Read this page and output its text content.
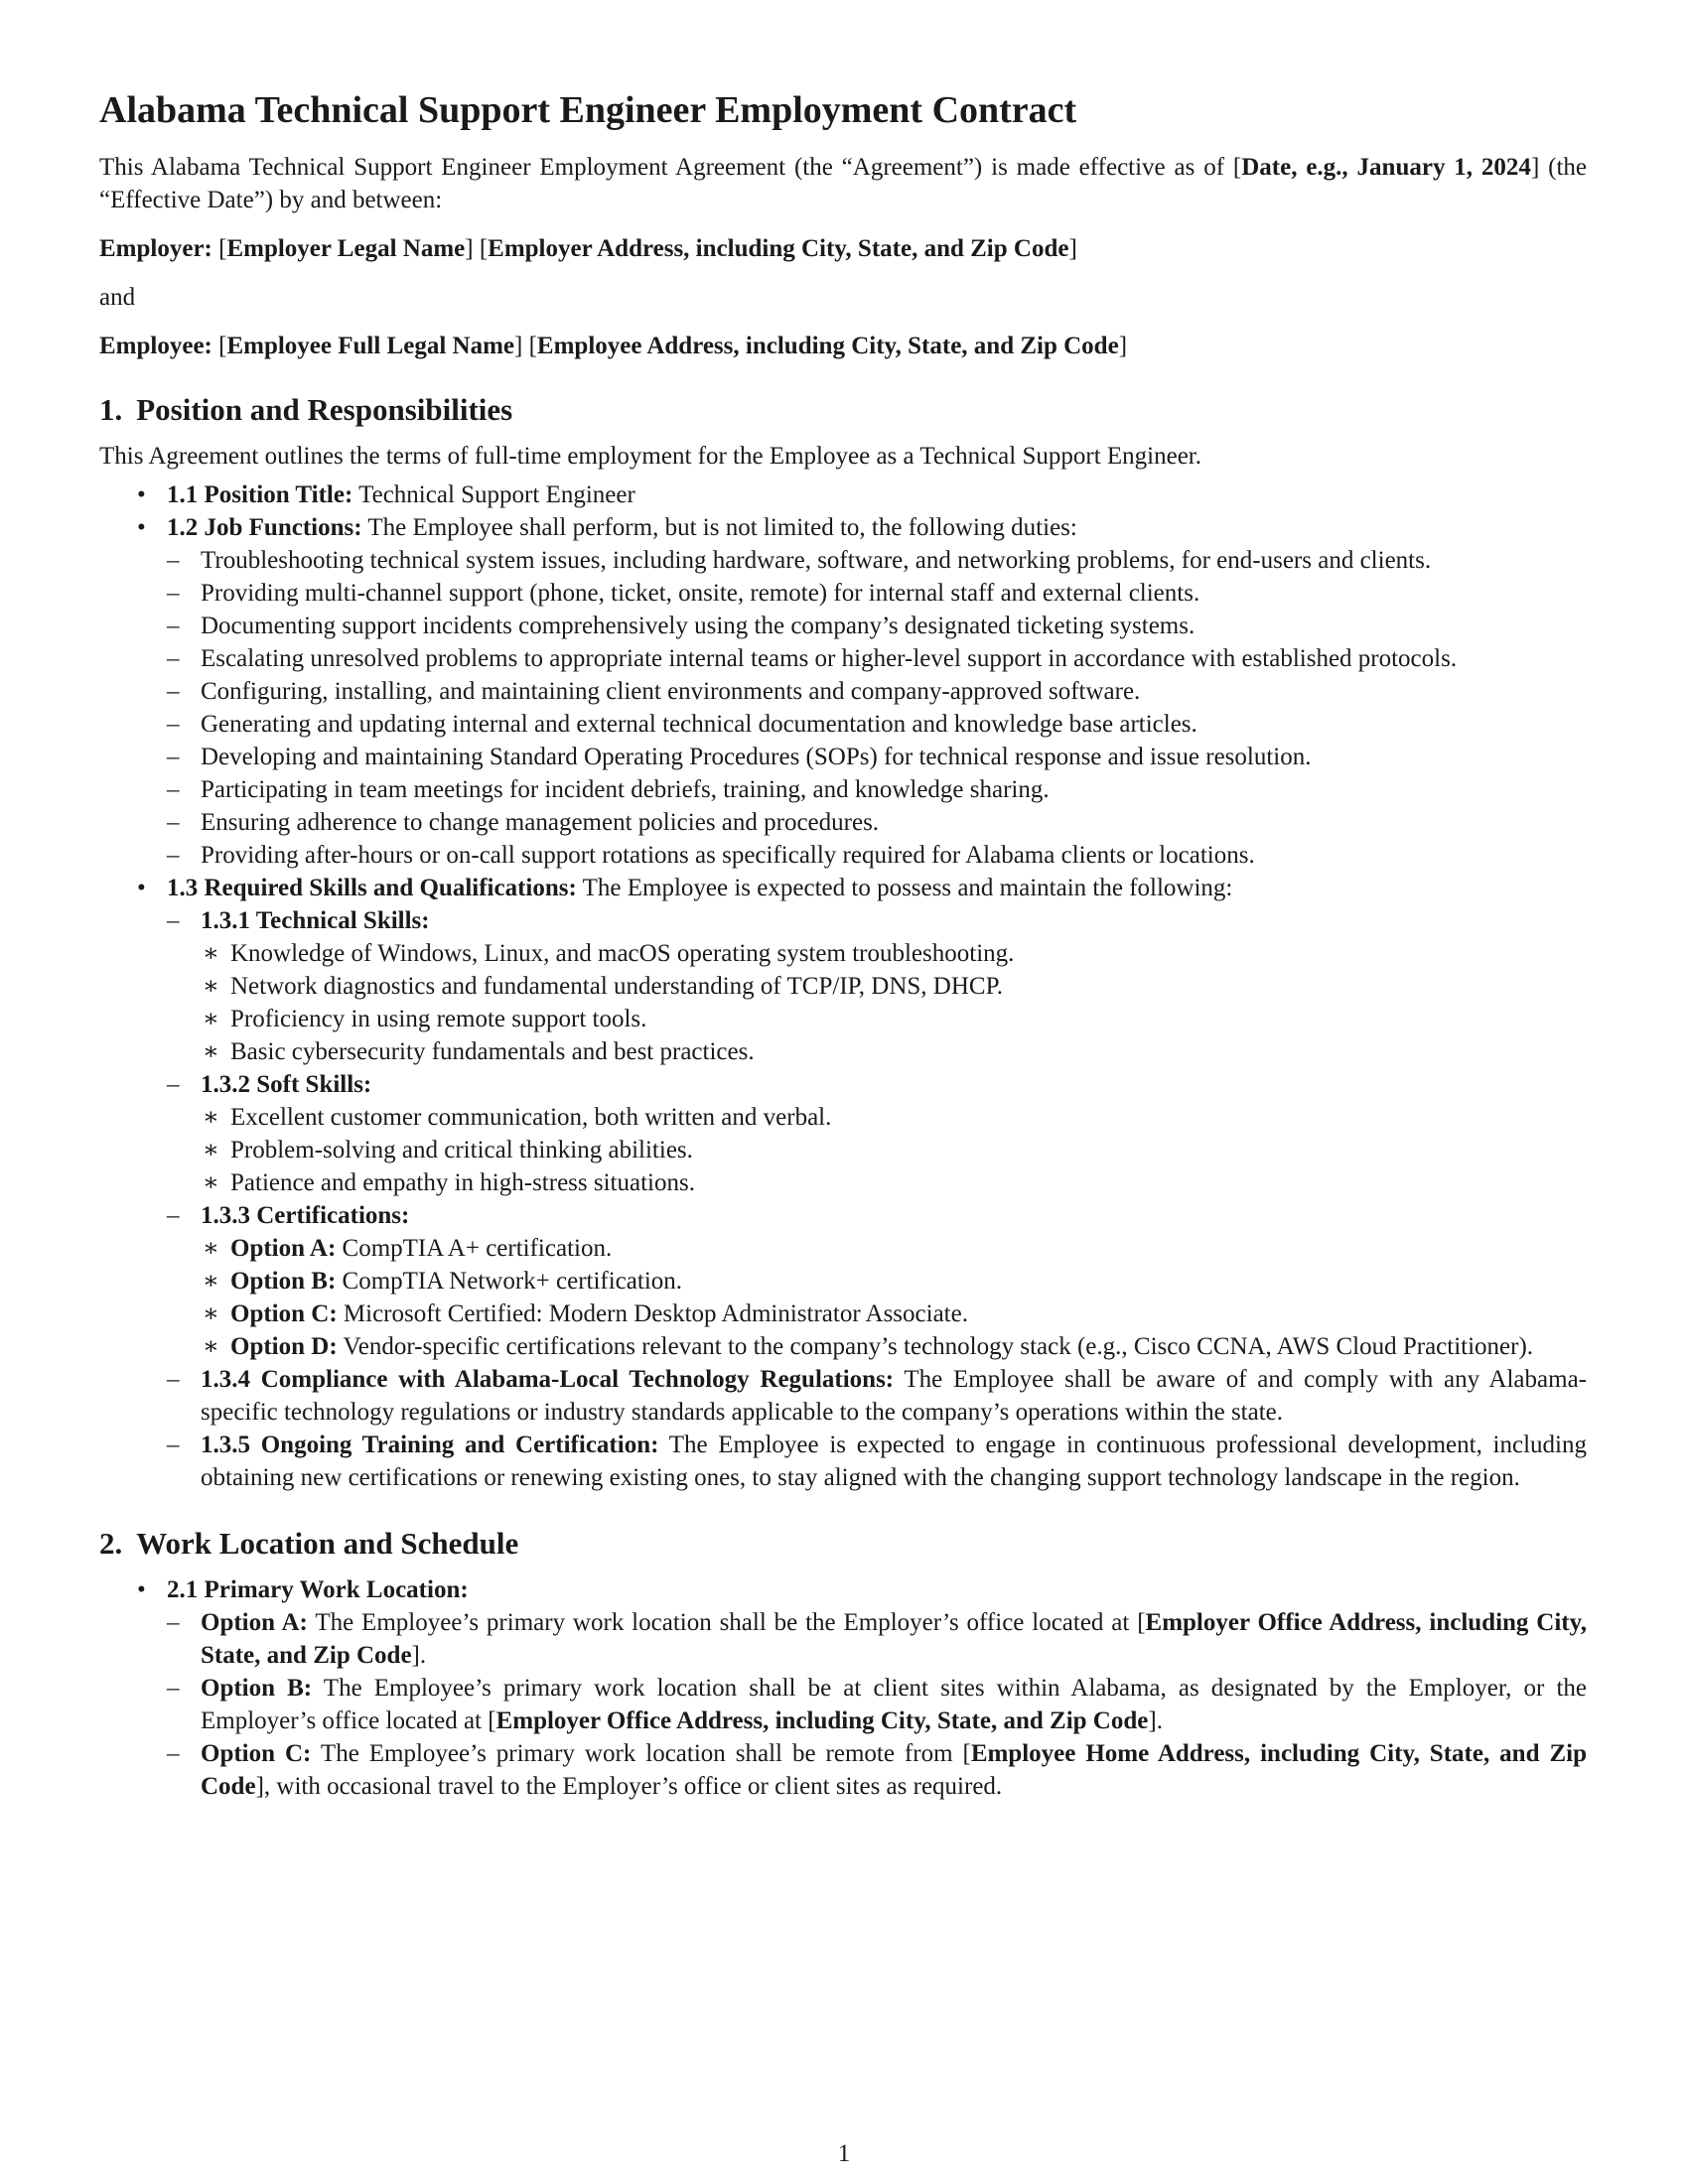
Alabama Technical Support Engineer Employment Contract

This Alabama Technical Support Engineer Employment Agreement (the “Agreement”) is made effective as of [Date, e.g., January 1, 2024] (the “Effective Date”) by and between:

Employer: [Employer Legal Name] [Employer Address, including City, State, and Zip Code]

and

Employee: [Employee Full Legal Name] [Employee Address, including City, State, and Zip Code]

1. Position and Responsibilities

This Agreement outlines the terms of full-time employment for the Employee as a Technical Support Engineer.

• 1.1 Position Title: Technical Support Engineer
• 1.2 Job Functions: The Employee shall perform, but is not limited to, the following duties:
– Troubleshooting technical system issues, including hardware, software, and networking problems, for end-users and clients.
– Providing multi-channel support (phone, ticket, onsite, remote) for internal staff and external clients.
– Documenting support incidents comprehensively using the company’s designated ticketing systems.
– Escalating unresolved problems to appropriate internal teams or higher-level support in accordance with established protocols.
– Configuring, installing, and maintaining client environments and company-approved software.
– Generating and updating internal and external technical documentation and knowledge base articles.
– Developing and maintaining Standard Operating Procedures (SOPs) for technical response and issue resolution.
– Participating in team meetings for incident debriefs, training, and knowledge sharing.
– Ensuring adherence to change management policies and procedures.
– Providing after-hours or on-call support rotations as specifically required for Alabama clients or locations.
• 1.3 Required Skills and Qualifications: The Employee is expected to possess and maintain the following:
– 1.3.1 Technical Skills:
∗ Knowledge of Windows, Linux, and macOS operating system troubleshooting.
∗ Network diagnostics and fundamental understanding of TCP/IP, DNS, DHCP.
∗ Proficiency in using remote support tools.
∗ Basic cybersecurity fundamentals and best practices.
– 1.3.2 Soft Skills:
∗ Excellent customer communication, both written and verbal.
∗ Problem-solving and critical thinking abilities.
∗ Patience and empathy in high-stress situations.
– 1.3.3 Certifications:
∗ Option A: CompTIA A+ certification.
∗ Option B: CompTIA Network+ certification.
∗ Option C: Microsoft Certified: Modern Desktop Administrator Associate.
∗ Option D: Vendor-specific certifications relevant to the company’s technology stack (e.g., Cisco CCNA, AWS Cloud Practitioner).
– 1.3.4 Compliance with Alabama-Local Technology Regulations: The Employee shall be aware of and comply with any Alabama-specific technology regulations or industry standards applicable to the company’s operations within the state.
– 1.3.5 Ongoing Training and Certification: The Employee is expected to engage in continuous professional development, including obtaining new certifications or renewing existing ones, to stay aligned with the changing support technology landscape in the region.
2. Work Location and Schedule
• 2.1 Primary Work Location:
– Option A: The Employee’s primary work location shall be the Employer’s office located at [Employer Office Address, including City, State, and Zip Code].
– Option B: The Employee’s primary work location shall be at client sites within Alabama, as designated by the Employer, or the Employer’s office located at [Employer Office Address, including City, State, and Zip Code].
– Option C: The Employee’s primary work location shall be remote from [Employee Home Address, including City, State, and Zip Code], with occasional travel to the Employer’s office or client sites as required.
1
